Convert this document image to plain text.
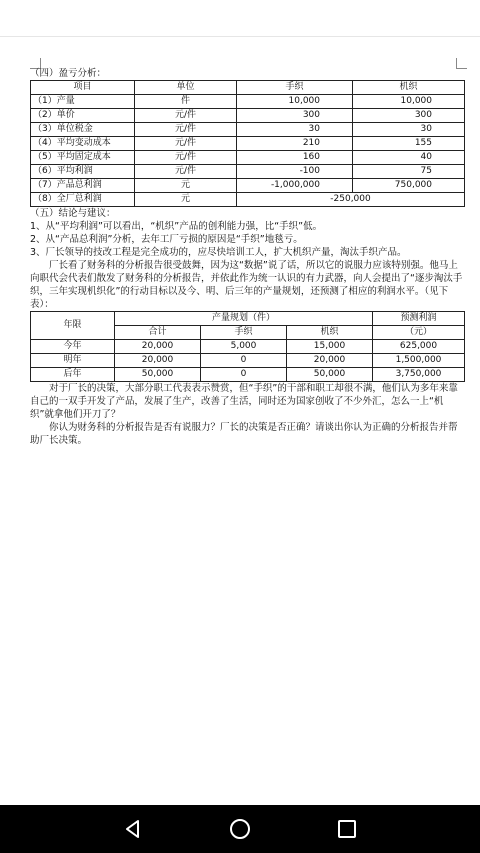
（四）盈亏分析：
项目	单位	手织	机织
（1）产量	件	10,000	10,000
（2）单价	元/件	300	300
（3）单位税金	元/件	30	30
（4）平均变动成本	元/件	210	155
（5）平均固定成本	元/件	160	40
（6）平均利润	元/件	-100	75
（7）产品总利润	元	-1,000,000	750,000
（8）全厂总利润	元	-250,000	
（五）结论与建议：
1、从“平均利润”可以看出，“机织”产品的创利能力强，比“手织”低。
2、从“产品总利润”分析，去年工厂亏损的原因是“手织”地毯亏。
3、厂长领导的技改工程是完全成功的，应尽快培训工人，扩大机织产量，淘汰手织产品。
厂长看了财务科的分析报告很受鼓舞，因为这“数据”说了话，所以它的说服力应该特别强。他马上向职代会代表们散发了财务科的分析报告，并依此作为统一认识的有力武器，向人会提出了“逐步淘汰手织，三年实现机织化”的行动目标以及今、明、后三年的产量规划，还预测了相应的利润水平。（见下表）：
年限	产量规划（件）			预测利润
	合计	手织	机织	（元）
今年	20,000	5,000	15,000	625,000
明年	20,000	0	20,000	1,500,000
后年	50,000	0	50,000	3,750,000
对于厂长的决策，大部分职工代表表示赞赏，但“手织”的干部和职工却很不满，他们认为多年来靠自己的一双手开发了产品，发展了生产，改善了生活，同时还为国家创收了不少外汇，怎么一上“机织”就拿他们开刀了？
你认为财务科的分析报告是否有说服力？厂长的决策是否正确？请谈出你认为正确的分析报告并帮助厂长决策。
